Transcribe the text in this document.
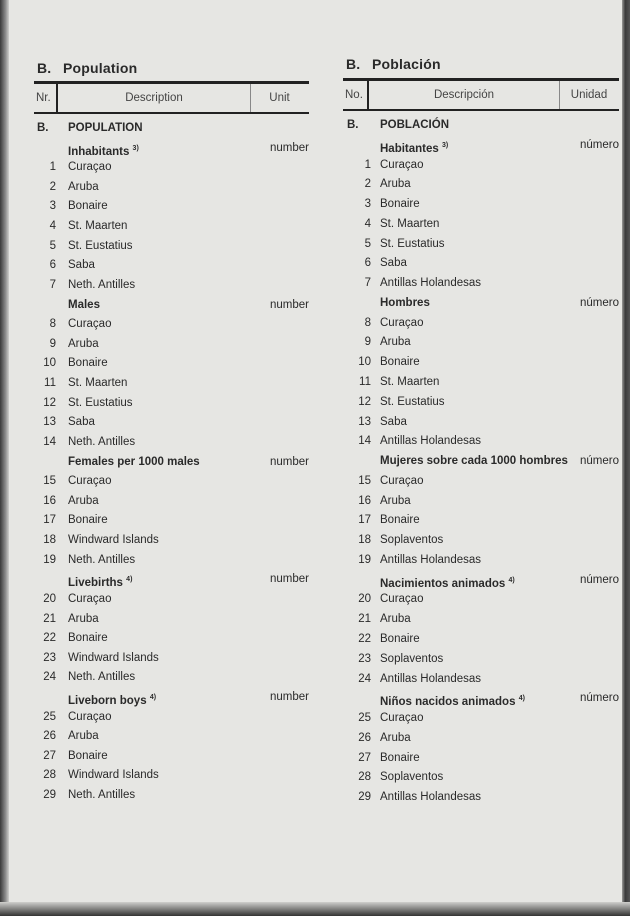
B. Population
Nr.	Description	Unit
B.	POPULATION
Inhabitants $^{3)}$	number
1 Curaçao
2 Aruba
3 Bonaire
4 St. Maarten
5 St. Eustatius
6 Saba
7 Neth. Antilles
Males	number
8 Curaçao
9 Aruba
10 Bonaire
11 St. Maarten
12 St. Eustatius
13 Saba
14 Neth. Antilles
Females per 1000 males	number
15 Curaçao
16 Aruba
17 Bonaire
18 Windward Islands
19 Neth. Antilles
Livebirths $^{4)}$	number
20 Curaçao
21 Aruba
22 Bonaire
23 Windward Islands
24 Neth. Antilles
Liveborn boys $^{4)}$	number
25 Curaçao
26 Aruba
27 Bonaire
28 Windward Islands
29 Neth. Antilles
B. Población
No.	Descripción	Unidad
B.	POBLACIÓN
Habitantes $^{3)}$	número
1 Curaçao
2 Aruba
3 Bonaire
4 St. Maarten
5 St. Eustatius
6 Saba
7 Antillas Holandesas
Hombres	número
8 Curaçao
9 Aruba
10 Bonaire
11 St. Maarten
12 St. Eustatius
13 Saba
14 Antillas Holandesas
Mujeres sobre cada 1000 hombres número
15 Curaçao
16 Aruba
17 Bonaire
18 Soplaventos
19 Antillas Holandesas
Nacimientos animados $^{4)}$	número
20 Curaçao
21 Aruba
22 Bonaire
23 Soplaventos
24 Antillas Holandesas
Niños nacidos animados $^{4)}$	número
25 Curaçao
26 Aruba
27 Bonaire
28 Soplaventos
29 Antillas Holandesas
